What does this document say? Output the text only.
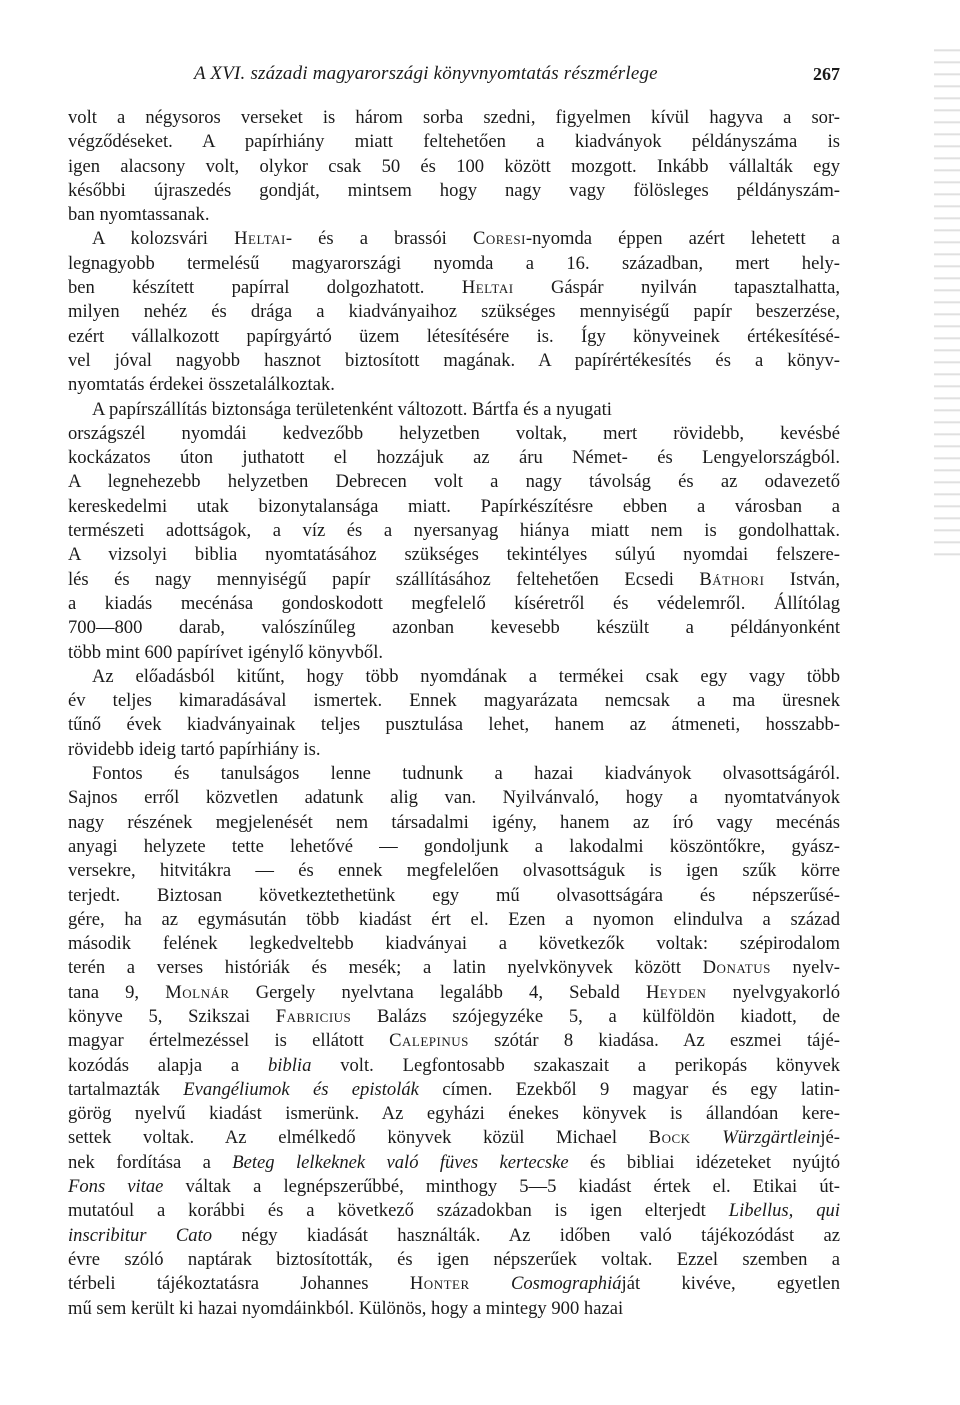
A XVI. századi magyarországi könyvnyomtatás részmérlege	267
volt a négysoros verseket is három sorba szedni, figyelmen kívül hagyva a sor-
végződéseket. A papírhiány miatt feltehetően a kiadványok példányszáma is
igen alacsony volt, olykor csak 50 és 100 között mozgott. Inkább vállalták egy
későbbi újraszedés gondját, mintsem hogy nagy vagy fölösleges példányszám-
ban nyomtassanak.
A kolozsvári Heltai- és a brassói Coresi-nyomda éppen azért lehetett a
legnagyobb termelésű magyarországi nyomda a 16. században, mert hely-
ben készített papírral dolgozhatott. Heltai Gáspár nyilván tapasztalhatta,
milyen nehéz és drága a kiadványaihoz szükséges mennyiségű papír beszerzése,
ezért vállalkozott papírgyártó üzem létesítésére is. Így könyveinek értékesítésé-
vel jóval nagyobb hasznot biztosított magának. A papírértékesítés és a könyv-
nyomtatás érdekei összetalálkoztak.
A papírszállítás biztonsága területenként változott. Bártfa és a nyugati
országszél nyomdái kedvezőbb helyzetben voltak, mert rövidebb, kevésbé
kockázatos úton juthatott el hozzájuk az áru Német- és Lengyelországból.
A legnehezebb helyzetben Debrecen volt a nagy távolság és az odavezető
kereskedelmi utak bizonytalansága miatt. Papírkészítésre ebben a városban a
természeti adottságok, a víz és a nyersanyag hiánya miatt nem is gondolhattak.
A vizsolyi biblia nyomtatásához szükséges tekintélyes súlyú nyomdai felszere-
lés és nagy mennyiségű papír szállításához feltehetően Ecsedi Báthori István,
a kiadás mecénása gondoskodott megfelelő kíséretről és védelemről. Állítólag
700—800 darab, valószínűleg azonban kevesebb készült a példányonként
több mint 600 papírívet igénylő könyvből.
Az előadásból kitűnt, hogy több nyomdának a termékei csak egy vagy több
év teljes kimaradásával ismertek. Ennek magyarázata nemcsak a ma üresnek
tűnő évek kiadványainak teljes pusztulása lehet, hanem az átmeneti, hosszabb-
rövidebb ideig tartó papírhiány is.
Fontos és tanulságos lenne tudnunk a hazai kiadványok olvasottságáról.
Sajnos erről közvetlen adatunk alig van. Nyilvánvaló, hogy a nyomtatványok
nagy részének megjelenését nem társadalmi igény, hanem az író vagy mecénás
anyagi helyzete tette lehetővé — gondoljunk a lakodalmi köszöntőkre, gyász-
versekre, hitvitákra — és ennek megfelelően olvasottságuk is igen szűk körre
terjedt. Biztosan következtethetünk egy mű olvasottságára és népszerűsé-
gére, ha az egymásután több kiadást ért el. Ezen a nyomon elindulva a század
második felének legkedveltebb kiadványai a következők voltak: szépirodalom
terén a verses históriák és mesék; a latin nyelvkönyvek között Donatus nyelv-
tana 9, Molnár Gergely nyelvtana legalább 4, Sebald Heyden nyelvgyakorló
könyve 5, Szikszai Fabricius Balázs szójegyzéke 5, a külföldön kiadott, de
magyar értelmezéssel is ellátott Calepinus szótár 8 kiadása. Az eszmei tájé-
kozódás alapja a biblia volt. Legfontosabb szakaszait a perikopás könyvek
tartalmazták Evangéliumok és epistolák címen. Ezekből 9 magyar és egy latin-
görög nyelvű kiadást ismerünk. Az egyházi énekes könyvek is állandóan kere-
settek voltak. Az elmélkedő könyvek közül Michael Bock Würzgärtleinjé-
nek fordítása a Beteg lelkeknek való füves kertecske és bibliai idézeteket nyújtó
Fons vitae váltak a legnépszerűbbé, minthogy 5—5 kiadást értek el. Etikai út-
mutatóul a korábbi és a következő századokban is igen elterjedt Libellus, qui
inscribitur Cato négy kiadását használták. Az időben való tájékozódást az
évre szóló naptárak biztosították, és igen népszerűek voltak. Ezzel szemben a
térbeli tájékoztatásra Johannes Honter Cosmographiáját kivéve, egyetlen
mű sem került ki hazai nyomdáinkból. Különös, hogy a mintegy 900 hazai
